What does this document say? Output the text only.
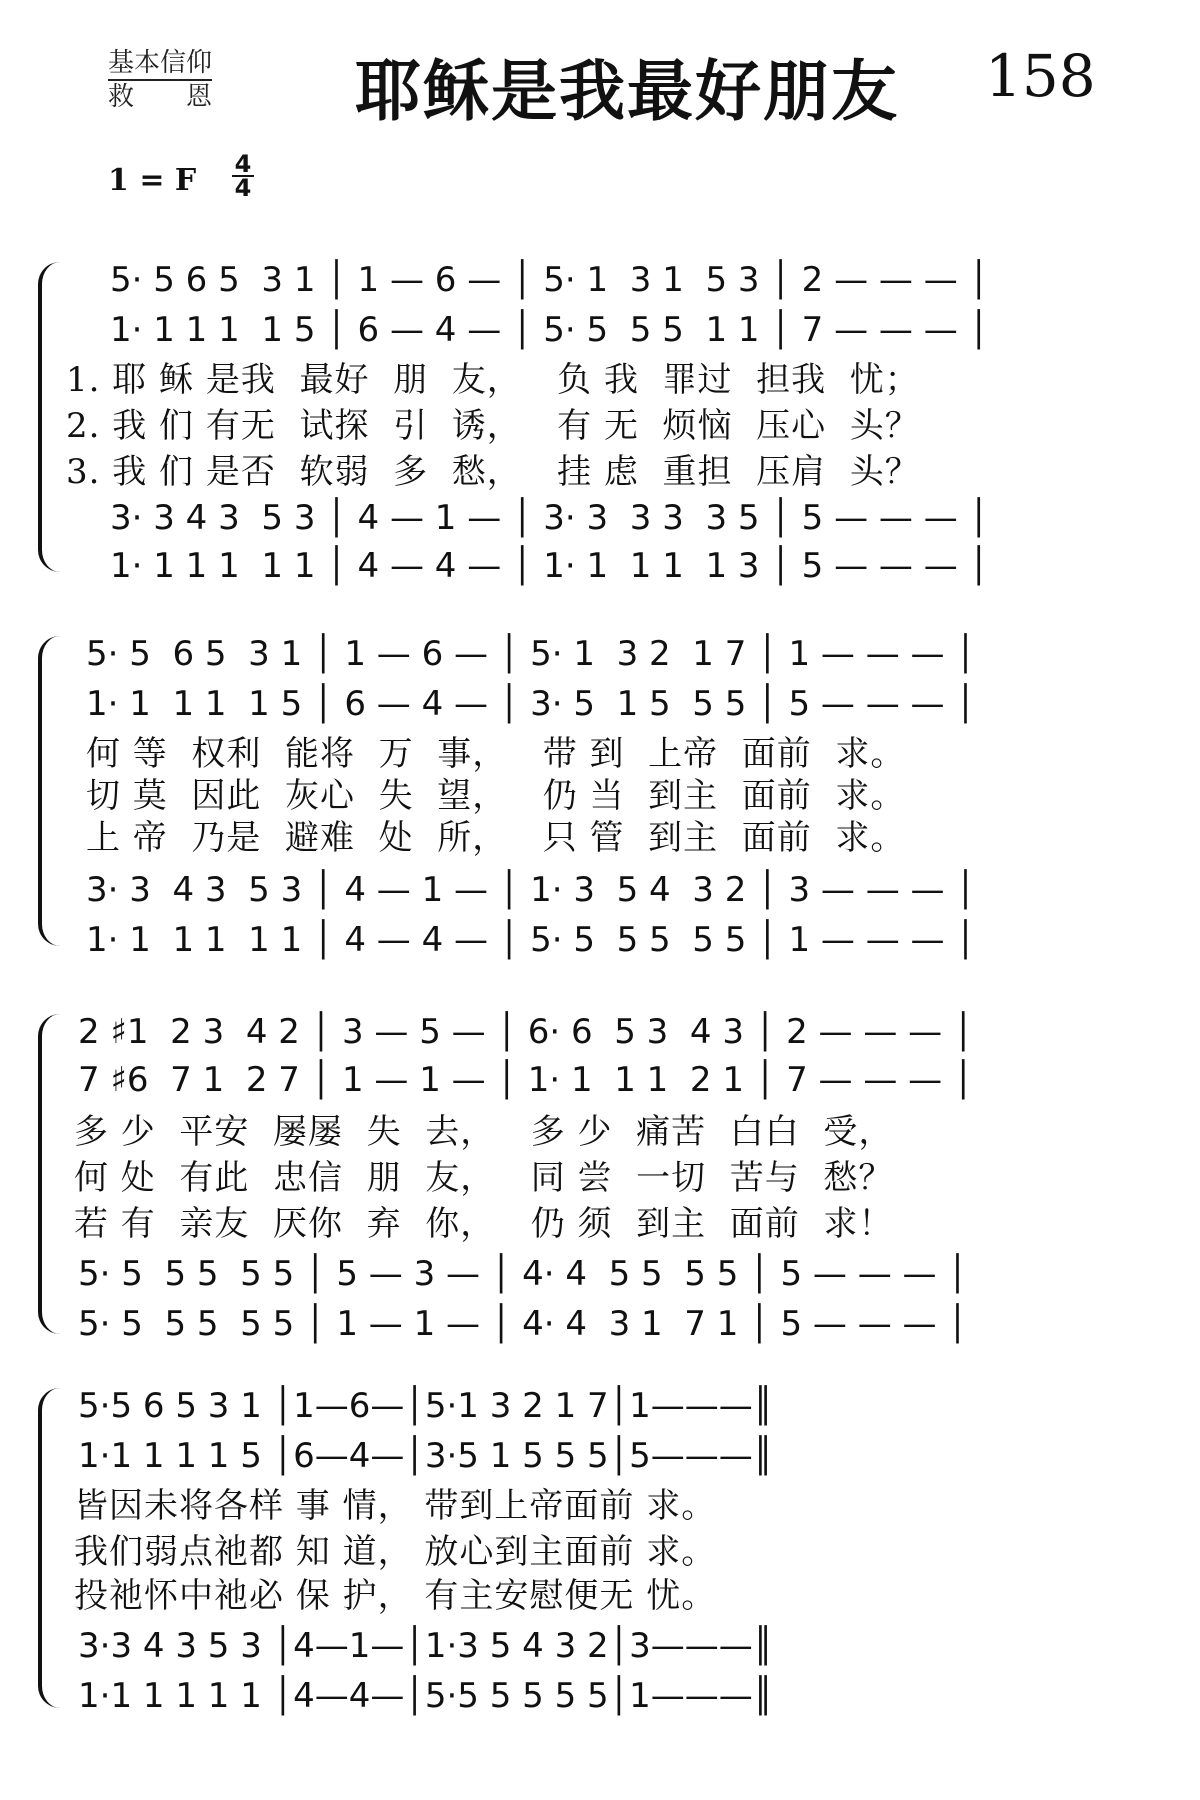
基本信仰
救　　恩 耶稣是我最好朋友 158
1 = F $\frac{4}{4}$
5· 5 6 5  3 1 │ 1 — 6 — │ 5· 1  3 1  5 3 │ 2 — — — │
1· 1 1 1  1 5 │ 6 — 4 — │ 5· 5  5 5  1 1 │ 7 — — — │
1. 耶 稣 是我  最好  朋  友，   负 我  罪过  担我  忧；
2. 我 们 有无  试探  引  诱，   有 无  烦恼  压心  头？
3. 我 们 是否  软弱  多  愁，   挂 虑  重担  压肩  头？
3· 3 4 3  5 3 │ 4 — 1 — │ 3· 3  3 3  3 5 │ 5 — — — │
1· 1 1 1  1 1 │ 4 — 4 — │ 1· 1  1 1  1 3 │ 5 — — — │
5· 5  6 5  3 1 │ 1 — 6 — │ 5· 1  3 2  1 7 │ 1 — — — │
1· 1  1 1  1 5 │ 6 — 4 — │ 3· 5  1 5  5 5 │ 5 — — — │
何 等  权利  能将  万  事，   带 到  上帝  面前  求。
切 莫  因此  灰心  失  望，   仍 当  到主  面前  求。
上 帝  乃是  避难  处  所，   只 管  到主  面前  求。
3· 3  4 3  5 3 │ 4 — 1 — │ 1· 3  5 4  3 2 │ 3 — — — │
1· 1  1 1  1 1 │ 4 — 4 — │ 5· 5  5 5  5 5 │ 1 — — — │
2 ♯1  2 3  4 2 │ 3 — 5 — │ 6· 6  5 3  4 3 │ 2 — — — │
7 ♯6  7 1  2 7 │ 1 — 1 — │ 1· 1  1 1  2 1 │ 7 — — — │
多 少  平安  屡屡  失  去，   多 少  痛苦  白白  受，
何 处  有此  忠信  朋  友，   同 尝  一切  苦与  愁？
若 有  亲友  厌你  弃  你，   仍 须  到主  面前  求！
5· 5  5 5  5 5 │ 5 — 3 — │ 4· 4  5 5  5 5 │ 5 — — — │
5· 5  5 5  5 5 │ 1 — 1 — │ 4· 4  3 1  7 1 │ 5 — — — │
5·5 6 5 3 1 │1—6—│5·1 3 2 1 7│1———║
1·1 1 1 1 5 │6—4—│3·5 1 5 5 5│5———║
皆因未将各样 事 情， 带到上帝面前 求。
我们弱点祂都 知 道， 放心到主面前 求。
投祂怀中祂必 保 护， 有主安慰便无 忧。
3·3 4 3 5 3 │4—1—│1·3 5 4 3 2│3———║
1·1 1 1 1 1 │4—4—│5·5 5 5 5 5│1———║
